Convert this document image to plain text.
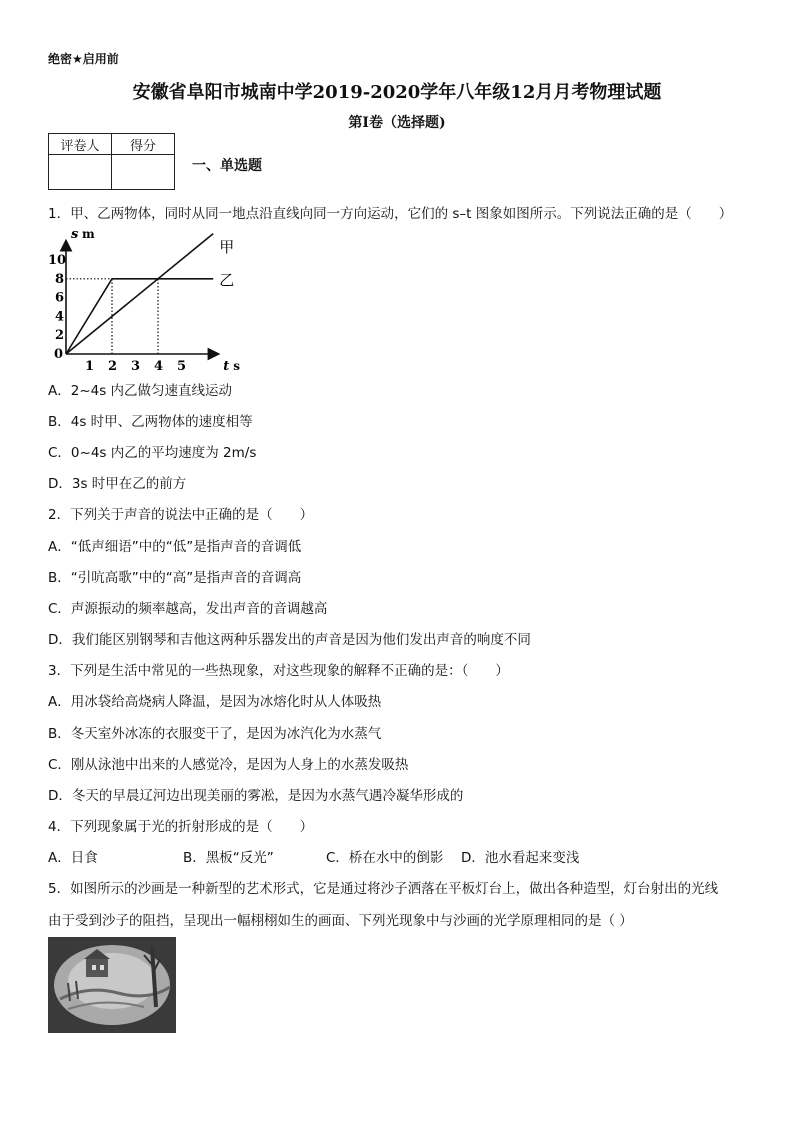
绝密★启用前
安徽省阜阳市城南中学2019-2020学年八年级12月月考物理试题
第I卷（选择题)
评卷人	得分

一、单选题
1．甲、乙两物体，同时从同一地点沿直线向同一方向运动，它们的 s–t 图象如图所示。下列说法正确的是（　　）
s m
t s
0
1 2 3 4 5
2
4
6
8
10
甲
乙
A．2~4s 内乙做匀速直线运动
B．4s 时甲、乙两物体的速度相等
C．0~4s 内乙的平均速度为 2m/s
D．3s 时甲在乙的前方
2．下列关于声音的说法中正确的是（　　）
A．“低声细语”中的“低”是指声音的音调低
B．“引吭高歌”中的“高”是指声音的音调高
C．声源振动的频率越高，发出声音的音调越高
D．我们能区别钢琴和吉他这两种乐器发出的声音是因为他们发出声音的响度不同
3．下列是生活中常见的一些热现象，对这些现象的解释不正确的是：（　　）
A．用冰袋给高烧病人降温，是因为冰熔化时从人体吸热
B．冬天室外冰冻的衣服变干了，是因为冰汽化为水蒸气
C．刚从泳池中出来的人感觉冷，是因为人身上的水蒸发吸热
D．冬天的早晨辽河边出现美丽的雾凇，是因为水蒸气遇冷凝华形成的
4．下列现象属于光的折射形成的是（　　）
A．日食	B．黑板“反光”	C．桥在水中的倒影 D．池水看起来变浅
5．如图所示的沙画是一种新型的艺术形式，它是通过将沙子洒落在平板灯台上，做出各种造型，灯台射出的光线
由于受到沙子的阻挡，呈现出一幅栩栩如生的画面、下列光现象中与沙画的光学原理相同的是（ ）
